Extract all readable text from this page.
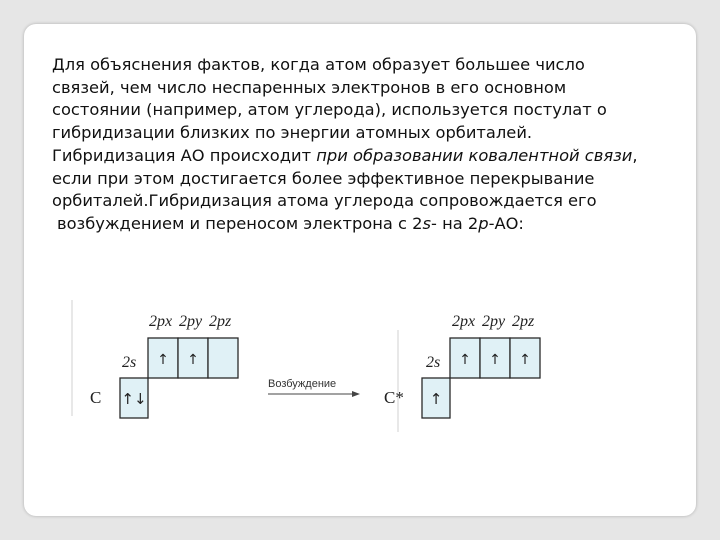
Для объяснения фактов, когда атом образует большее число
связей, чем число неспаренных электронов в его основном
состоянии (например, атом углерода), используется постулат о
гибридизации близких по энергии атомных орбиталей.
Гибридизация АО происходит при образовании ковалентной связи,
если при этом достигается более эффективное перекрывание
орбиталей.Гибридизация атома углерода сопровождается его
возбуждением и переносом электрона с 2s- на 2p-АО:
C
2s
↑↓
2px 2py 2pz
↑ ↑
Возбуждение
C*
2s
↑
2px 2py 2pz
↑ ↑ ↑
